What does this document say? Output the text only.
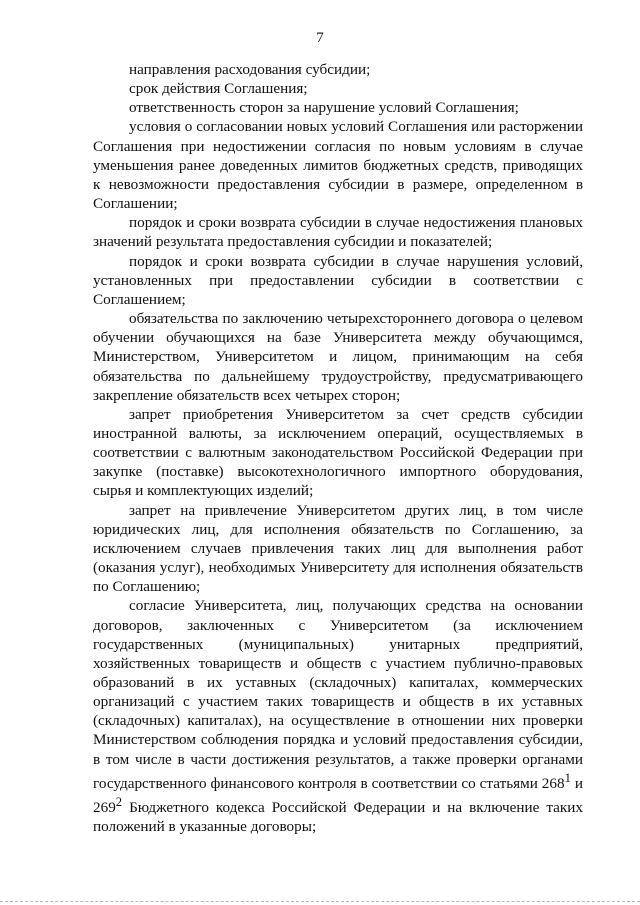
7

направления расходования субсидии;

срок действия Соглашения;

ответственность сторон за нарушение условий Соглашения;

условия о согласовании новых условий Соглашения или расторжении Соглашения при недостижении согласия по новым условиям в случае уменьшения ранее доведенных лимитов бюджетных средств, приводящих к невозможности предоставления субсидии в размере, определенном в Соглашении;

порядок и сроки возврата субсидии в случае недостижения плановых значений результата предоставления субсидии и показателей;

порядок и сроки возврата субсидии в случае нарушения условий, установленных при предоставлении субсидии в соответствии с Соглашением;

обязательства по заключению четырехстороннего договора о целевом обучении обучающихся на базе Университета между обучающимся, Министерством, Университетом и лицом, принимающим на себя обязательства по дальнейшему трудоустройству, предусматривающего закрепление обязательств всех четырех сторон;

запрет приобретения Университетом за счет средств субсидии иностранной валюты, за исключением операций, осуществляемых в соответствии с валютным законодательством Российской Федерации при закупке (поставке) высокотехнологичного импортного оборудования, сырья и комплектующих изделий;

запрет на привлечение Университетом других лиц, в том числе юридических лиц, для исполнения обязательств по Соглашению, за исключением случаев привлечения таких лиц для выполнения работ (оказания услуг), необходимых Университету для исполнения обязательств по Соглашению;

согласие Университета, лиц, получающих средства на основании договоров, заключенных с Университетом (за исключением государственных (муниципальных) унитарных предприятий, хозяйственных товариществ и обществ с участием публично-правовых образований в их уставных (складочных) капиталах, коммерческих организаций с участием таких товариществ и обществ в их уставных (складочных) капиталах), на осуществление в отношении них проверки Министерством соблюдения порядка и условий предоставления субсидии, в том числе в части достижения результатов, а также проверки органами государственного финансового контроля в соответствии со статьями $268^1$ и $269^2$ Бюджетного кодекса Российской Федерации и на включение таких положений в указанные договоры;
